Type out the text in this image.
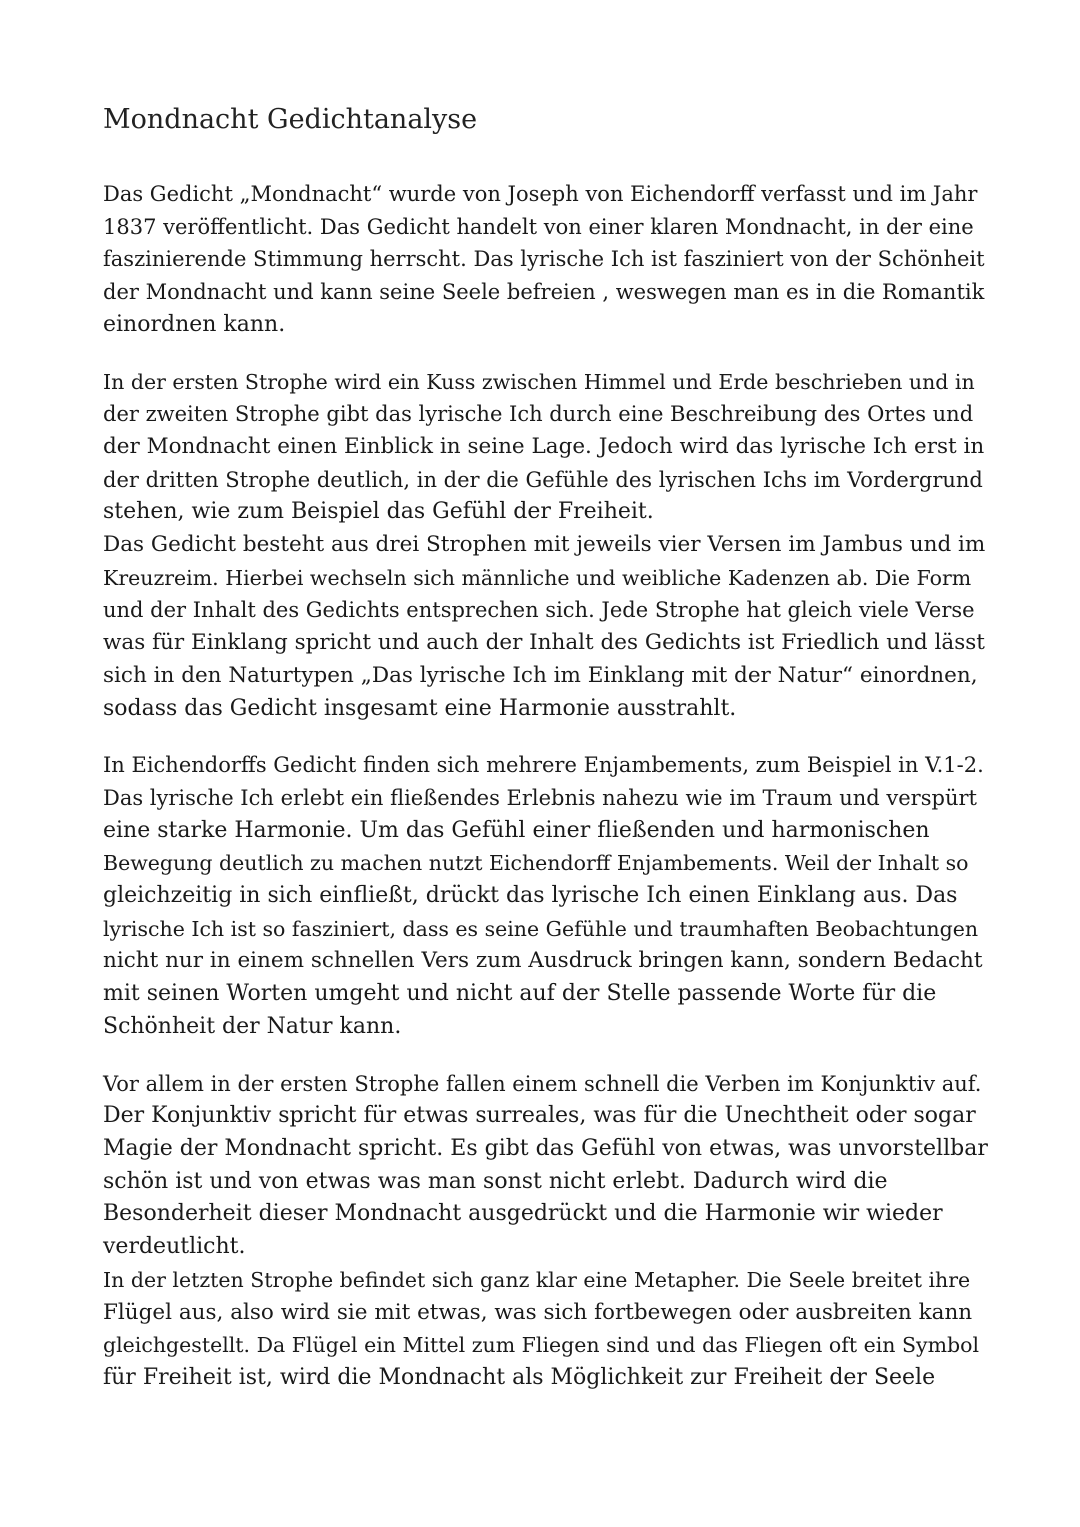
Mondnacht Gedichtanalyse
Das Gedicht „Mondnacht“ wurde von Joseph von Eichendorff verfasst und im Jahr
1837 veröffentlicht. Das Gedicht handelt von einer klaren Mondnacht, in der eine
faszinierende Stimmung herrscht. Das lyrische Ich ist fasziniert von der Schönheit
der Mondnacht und kann seine Seele befreien , weswegen man es in die Romantik
einordnen kann.
In der ersten Strophe wird ein Kuss zwischen Himmel und Erde beschrieben und in
der zweiten Strophe gibt das lyrische Ich durch eine Beschreibung des Ortes und
der Mondnacht einen Einblick in seine Lage. Jedoch wird das lyrische Ich erst in
der dritten Strophe deutlich, in der die Gefühle des lyrischen Ichs im Vordergrund
stehen, wie zum Beispiel das Gefühl der Freiheit.
Das Gedicht besteht aus drei Strophen mit jeweils vier Versen im Jambus und im
Kreuzreim. Hierbei wechseln sich männliche und weibliche Kadenzen ab. Die Form
und der Inhalt des Gedichts entsprechen sich. Jede Strophe hat gleich viele Verse
was für Einklang spricht und auch der Inhalt des Gedichts ist Friedlich und lässt
sich in den Naturtypen „Das lyrische Ich im Einklang mit der Natur“ einordnen,
sodass das Gedicht insgesamt eine Harmonie ausstrahlt.
In Eichendorffs Gedicht finden sich mehrere Enjambements, zum Beispiel in V.1-2.
Das lyrische Ich erlebt ein fließendes Erlebnis nahezu wie im Traum und verspürt
eine starke Harmonie. Um das Gefühl einer fließenden und harmonischen
Bewegung deutlich zu machen nutzt Eichendorff Enjambements. Weil der Inhalt so
gleichzeitig in sich einfließt, drückt das lyrische Ich einen Einklang aus. Das
lyrische Ich ist so fasziniert, dass es seine Gefühle und traumhaften Beobachtungen
nicht nur in einem schnellen Vers zum Ausdruck bringen kann, sondern Bedacht
mit seinen Worten umgeht und nicht auf der Stelle passende Worte für die
Schönheit der Natur kann.
Vor allem in der ersten Strophe fallen einem schnell die Verben im Konjunktiv auf.
Der Konjunktiv spricht für etwas surreales, was für die Unechtheit oder sogar
Magie der Mondnacht spricht. Es gibt das Gefühl von etwas, was unvorstellbar
schön ist und von etwas was man sonst nicht erlebt. Dadurch wird die
Besonderheit dieser Mondnacht ausgedrückt und die Harmonie wir wieder
verdeutlicht.
In der letzten Strophe befindet sich ganz klar eine Metapher. Die Seele breitet ihre
Flügel aus, also wird sie mit etwas, was sich fortbewegen oder ausbreiten kann
gleichgestellt. Da Flügel ein Mittel zum Fliegen sind und das Fliegen oft ein Symbol
für Freiheit ist, wird die Mondnacht als Möglichkeit zur Freiheit der Seele
